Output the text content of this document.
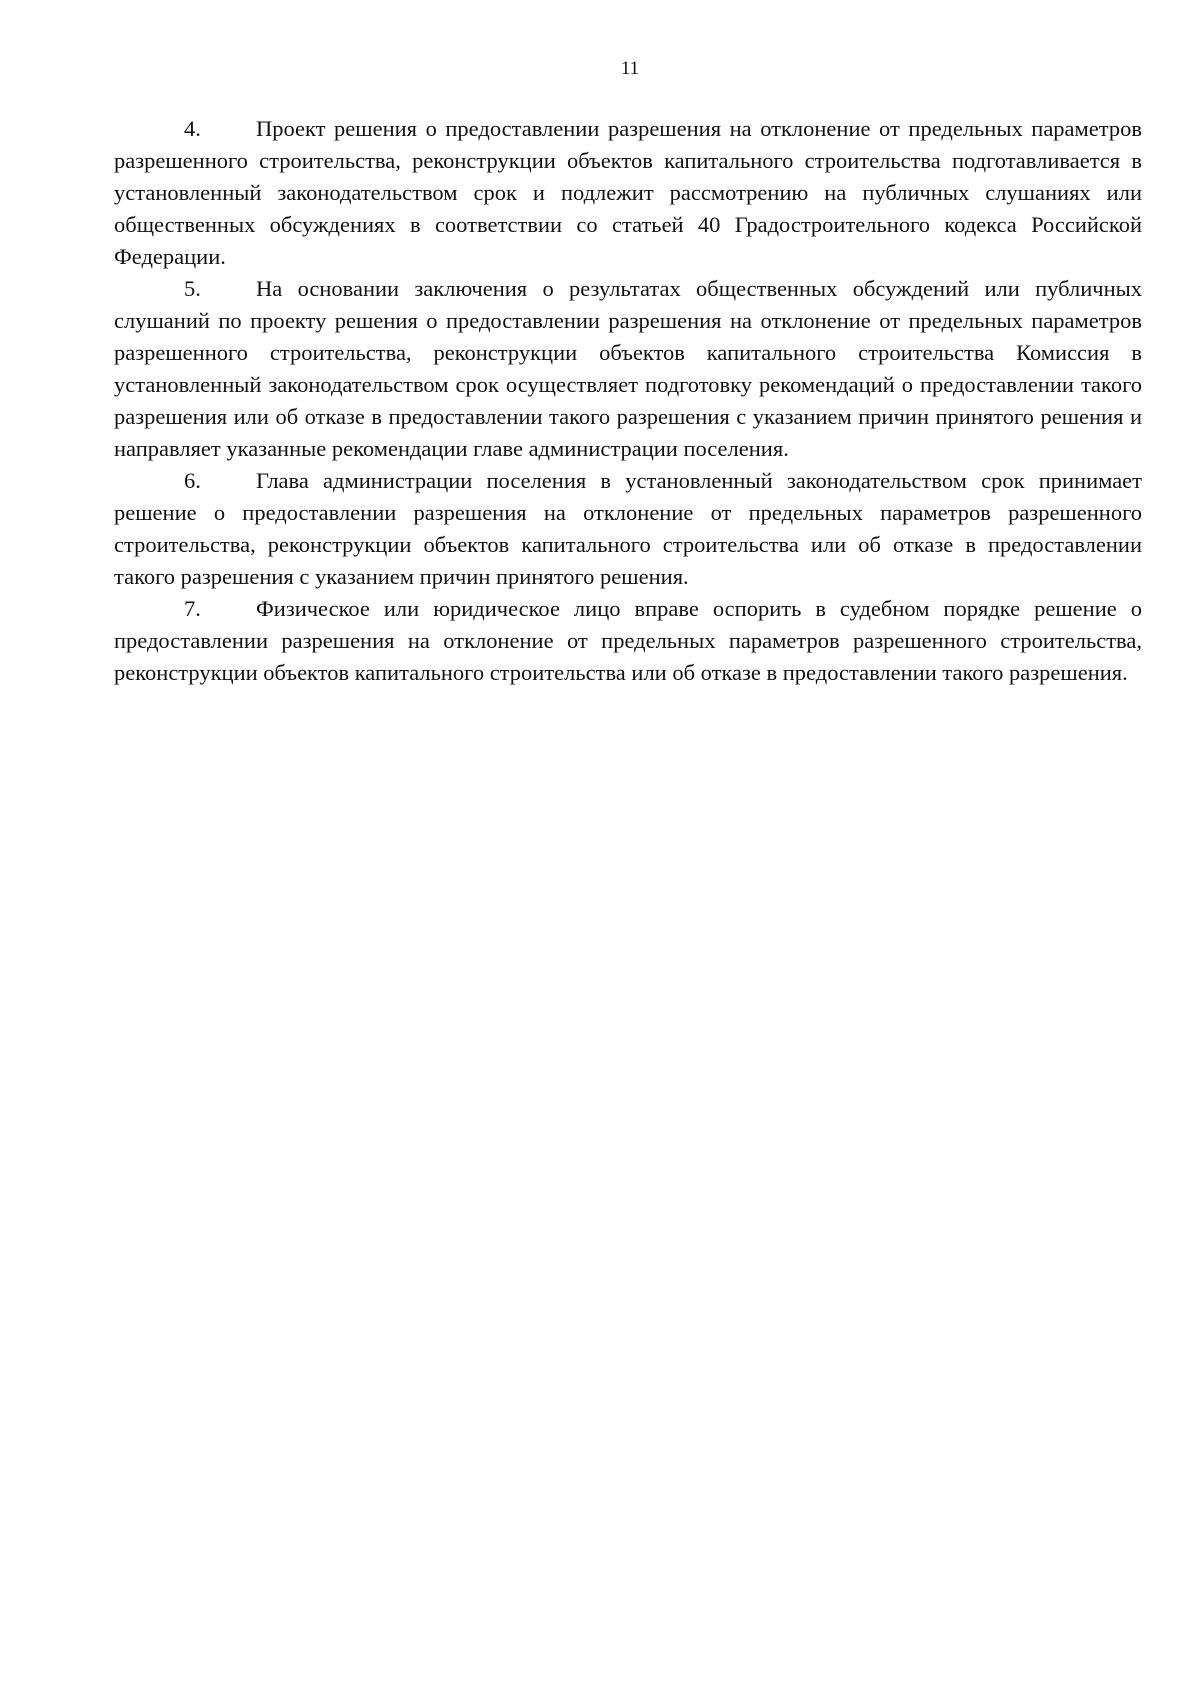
11

4. Проект решения о предоставлении разрешения на отклонение от предельных параметров разрешенного строительства, реконструкции объектов капитального строительства подготавливается в установленный законодательством срок и подлежит рассмотрению на публичных слушаниях или общественных обсуждениях в соответствии со статьей 40 Градостроительного кодекса Российской Федерации.

5. На основании заключения о результатах общественных обсуждений или публичных слушаний по проекту решения о предоставлении разрешения на отклонение от предельных параметров разрешенного строительства, реконструкции объектов капитального строительства Комиссия в установленный законодательством срок осуществляет подготовку рекомендаций о предоставлении такого разрешения или об отказе в предоставлении такого разрешения с указанием причин принятого решения и направляет указанные рекомендации главе администрации поселения.

6. Глава администрации поселения в установленный законодательством срок принимает решение о предоставлении разрешения на отклонение от предельных параметров разрешенного строительства, реконструкции объектов капитального строительства или об отказе в предоставлении такого разрешения с указанием причин принятого решения.

7. Физическое или юридическое лицо вправе оспорить в судебном порядке решение о предоставлении разрешения на отклонение от предельных параметров разрешенного строительства, реконструкции объектов капитального строительства или об отказе в предоставлении такого разрешения.
